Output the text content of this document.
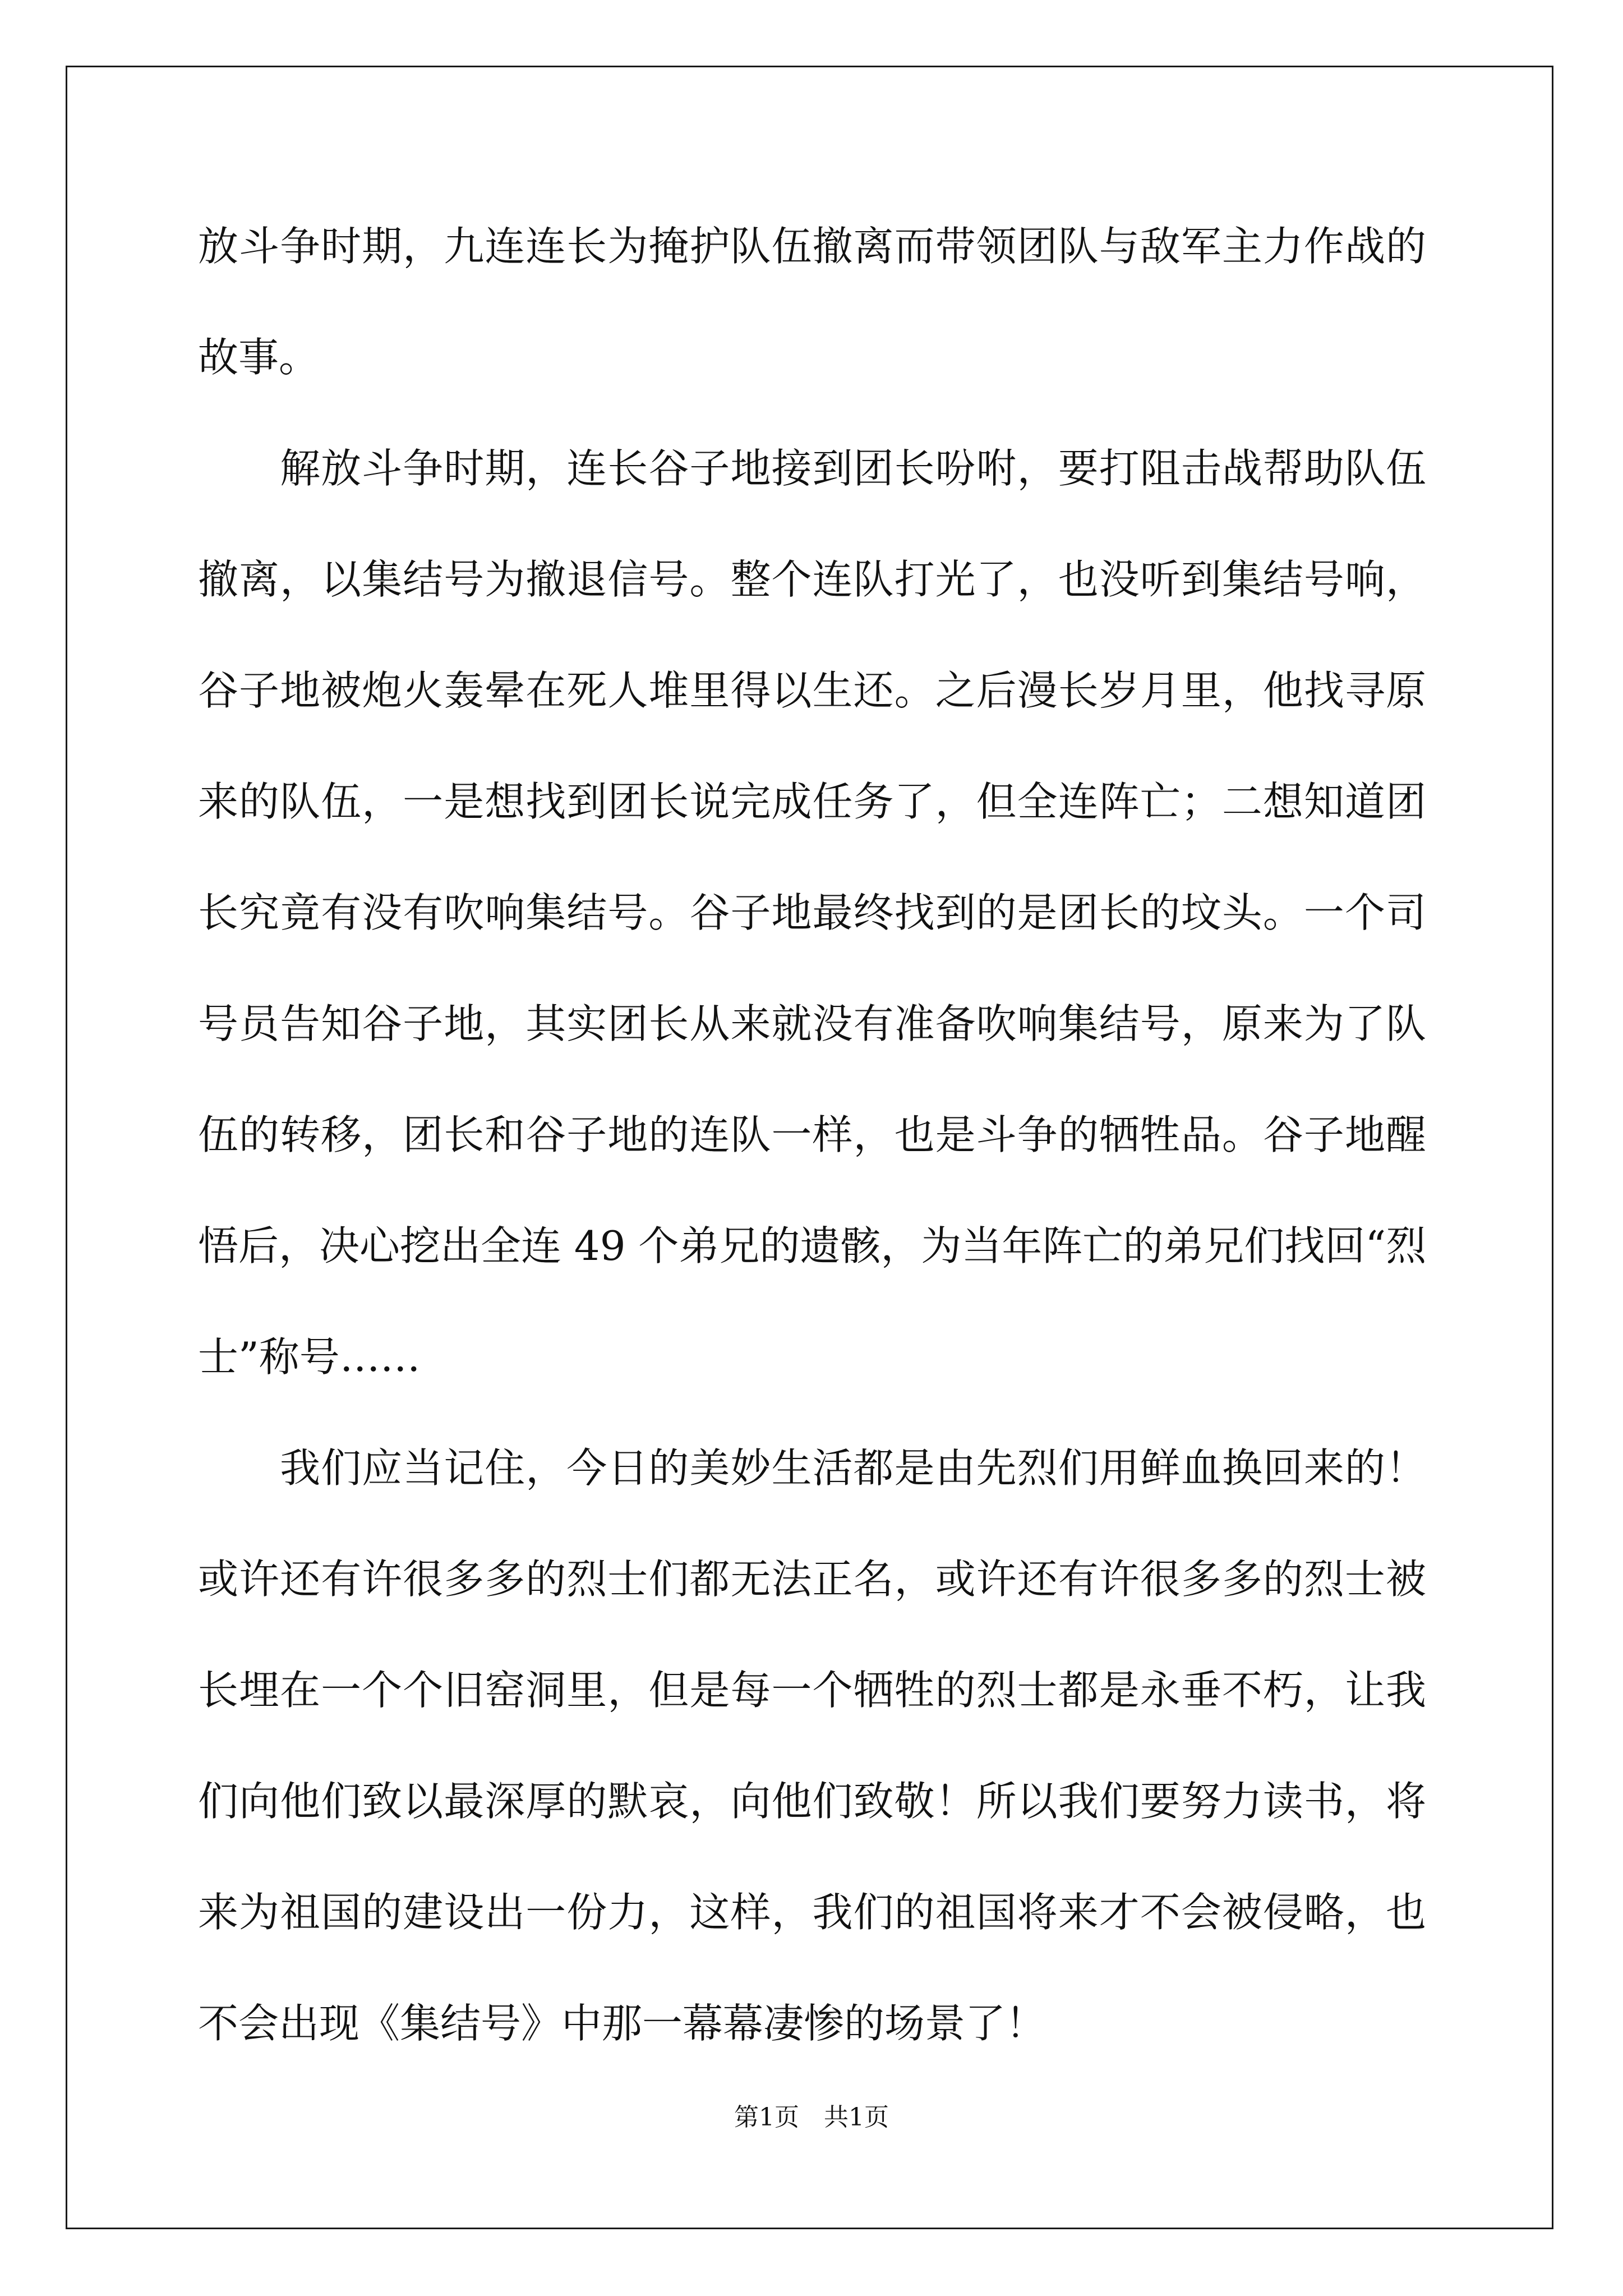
放斗争时期，九连连长为掩护队伍撤离而带领团队与敌军主力作战的
故事。
　　解放斗争时期，连长谷子地接到团长吩咐，要打阻击战帮助队伍
撤离，以集结号为撤退信号。整个连队打光了，也没听到集结号响，
谷子地被炮火轰晕在死人堆里得以生还。之后漫长岁月里，他找寻原
来的队伍，一是想找到团长说完成任务了，但全连阵亡；二想知道团
长究竟有没有吹响集结号。谷子地最终找到的是团长的坟头。一个司
号员告知谷子地，其实团长从来就没有准备吹响集结号，原来为了队
伍的转移，团长和谷子地的连队一样，也是斗争的牺牲品。谷子地醒
悟后，决心挖出全连 49 个弟兄的遗骸，为当年阵亡的弟兄们找回“烈
士”称号……
　　我们应当记住，今日的美妙生活都是由先烈们用鲜血换回来的！
或许还有许很多多的烈士们都无法正名，或许还有许很多多的烈士被
长埋在一个个旧窑洞里，但是每一个牺牲的烈士都是永垂不朽，让我
们向他们致以最深厚的默哀，向他们致敬！所以我们要努力读书，将
来为祖国的建设出一份力，这样，我们的祖国将来才不会被侵略，也
不会出现《集结号》中那一幕幕凄惨的场景了！
第1页　共1页
